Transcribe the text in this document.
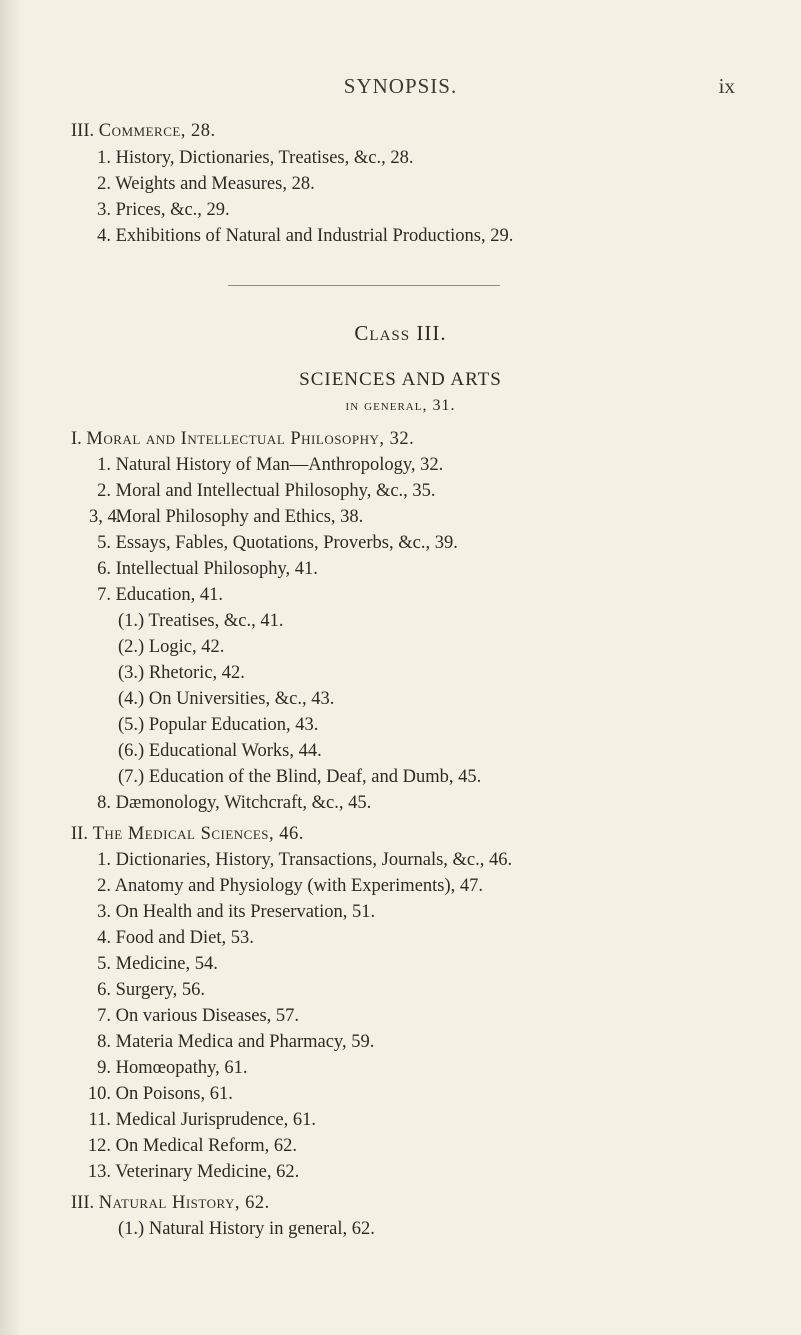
SYNOPSIS.	ix
III. Commerce, 28.
1. History, Dictionaries, Treatises, &c., 28.
2. Weights and Measures, 28.
3. Prices, &c., 29.
4. Exhibitions of Natural and Industrial Productions, 29.
Class III.
SCIENCES AND ARTS
in general, 31.
I. Moral and Intellectual Philosophy, 32.
1. Natural History of Man—Anthropology, 32.
2. Moral and Intellectual Philosophy, &c., 35.
3, 4. Moral Philosophy and Ethics, 38.
5. Essays, Fables, Quotations, Proverbs, &c., 39.
6. Intellectual Philosophy, 41.
7. Education, 41.
(1.) Treatises, &c., 41.
(2.) Logic, 42.
(3.) Rhetoric, 42.
(4.) On Universities, &c., 43.
(5.) Popular Education, 43.
(6.) Educational Works, 44.
(7.) Education of the Blind, Deaf, and Dumb, 45.
8. Dæmonology, Witchcraft, &c., 45.
II. The Medical Sciences, 46.
1. Dictionaries, History, Transactions, Journals, &c., 46.
2. Anatomy and Physiology (with Experiments), 47.
3. On Health and its Preservation, 51.
4. Food and Diet, 53.
5. Medicine, 54.
6. Surgery, 56.
7. On various Diseases, 57.
8. Materia Medica and Pharmacy, 59.
9. Homœopathy, 61.
10. On Poisons, 61.
11. Medical Jurisprudence, 61.
12. On Medical Reform, 62.
13. Veterinary Medicine, 62.
III. Natural History, 62.
(1.) Natural History in general, 62.
